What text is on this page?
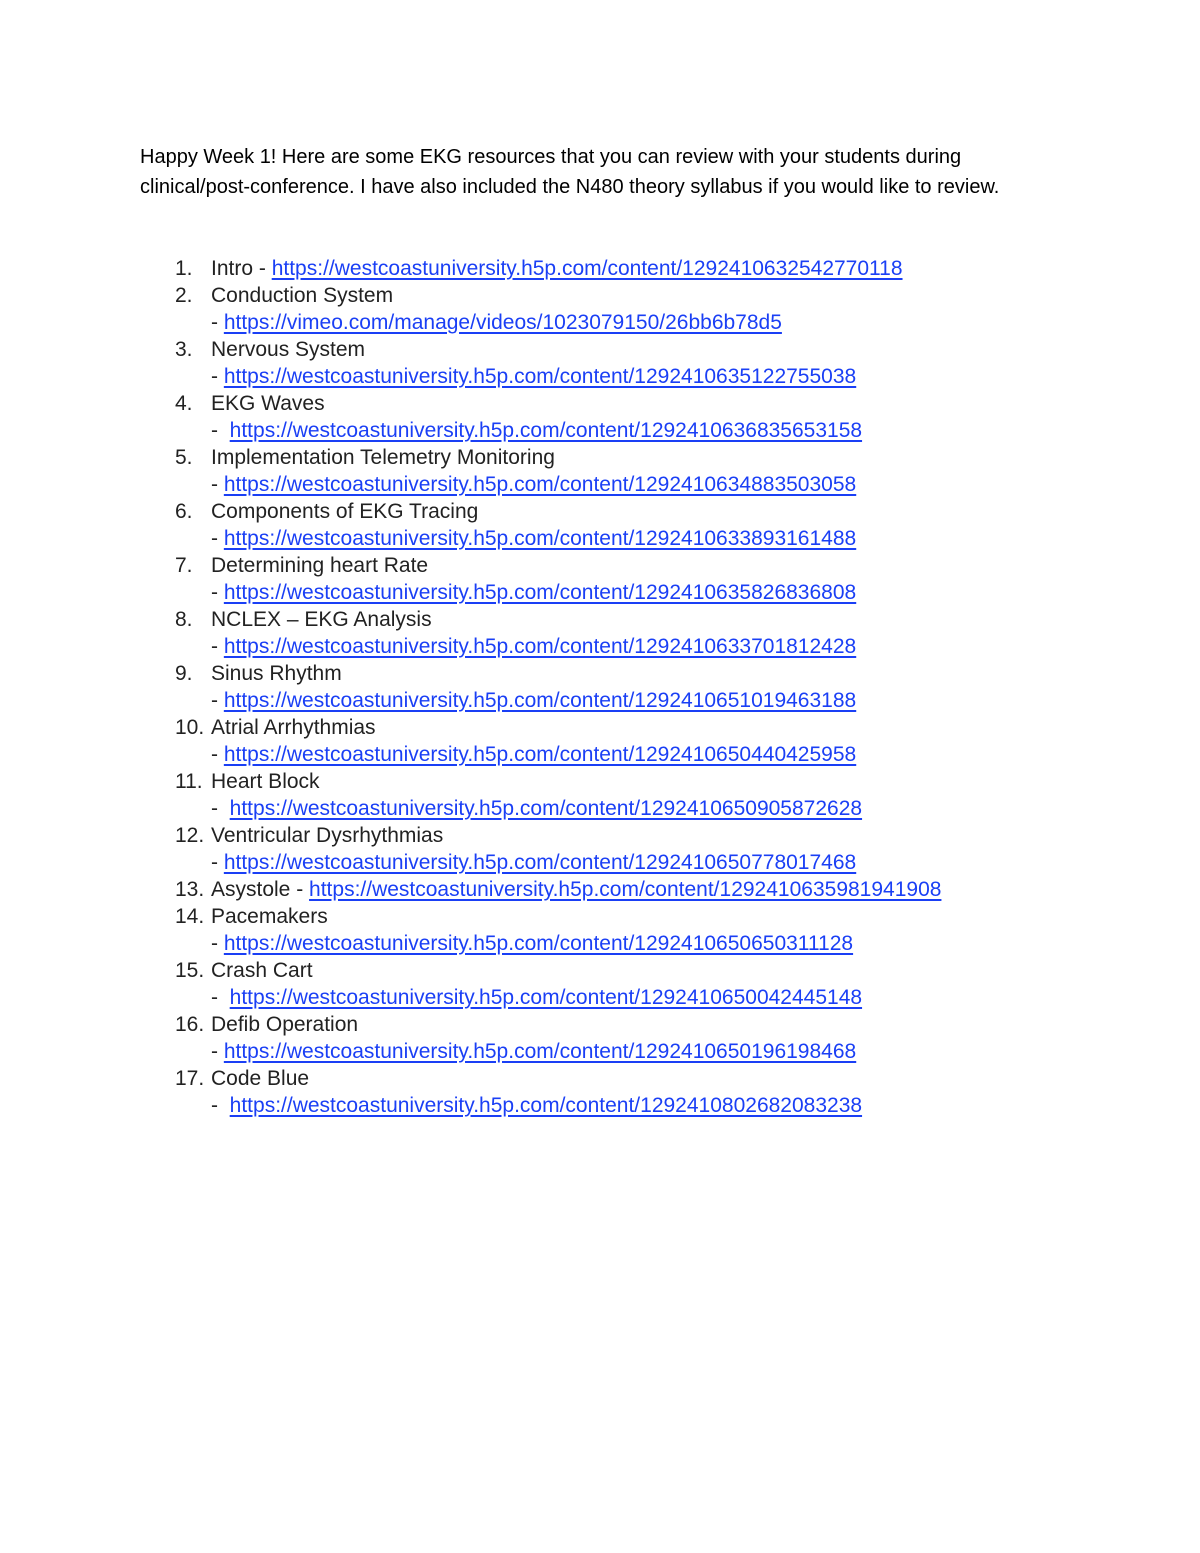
Happy Week 1! Here are some EKG resources that you can review with your students during clinical/post-conference. I have also included the N480 theory syllabus if you would like to review.

1. Intro - https://westcoastuniversity.h5p.com/content/1292410632542770118
2. Conduction System
- https://vimeo.com/manage/videos/1023079150/26bb6b78d5
3. Nervous System
- https://westcoastuniversity.h5p.com/content/1292410635122755038
4. EKG Waves
-  https://westcoastuniversity.h5p.com/content/1292410636835653158
5. Implementation Telemetry Monitoring
- https://westcoastuniversity.h5p.com/content/1292410634883503058
6. Components of EKG Tracing
- https://westcoastuniversity.h5p.com/content/1292410633893161488
7. Determining heart Rate
- https://westcoastuniversity.h5p.com/content/1292410635826836808
8. NCLEX – EKG Analysis
- https://westcoastuniversity.h5p.com/content/1292410633701812428
9. Sinus Rhythm
- https://westcoastuniversity.h5p.com/content/1292410651019463188
10. Atrial Arrhythmias
- https://westcoastuniversity.h5p.com/content/1292410650440425958
11. Heart Block
-  https://westcoastuniversity.h5p.com/content/1292410650905872628
12. Ventricular Dysrhythmias
- https://westcoastuniversity.h5p.com/content/1292410650778017468
13. Asystole - https://westcoastuniversity.h5p.com/content/1292410635981941908
14. Pacemakers
- https://westcoastuniversity.h5p.com/content/1292410650650311128
15. Crash Cart
-  https://westcoastuniversity.h5p.com/content/1292410650042445148
16. Defib Operation
- https://westcoastuniversity.h5p.com/content/1292410650196198468
17. Code Blue
-  https://westcoastuniversity.h5p.com/content/1292410802682083238
